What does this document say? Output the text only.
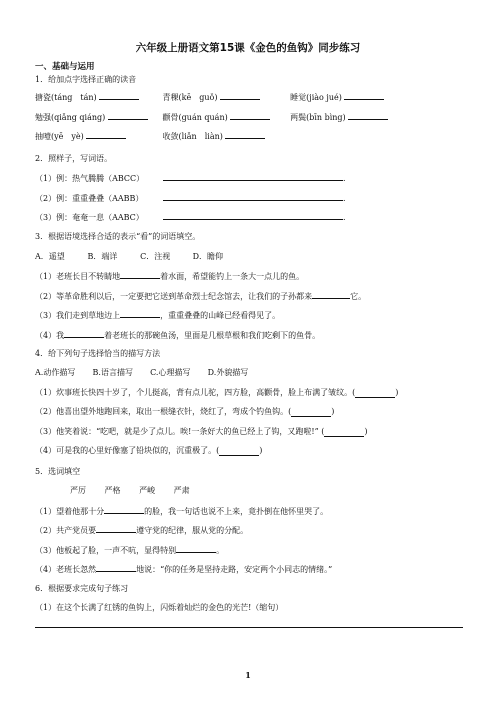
六年级上册语文第15课《金色的鱼钩》同步练习
一、基础与运用
1．给加点字选择正确的读音
搪瓷(táng　tán)	青稞(kē　guǒ)	睡觉(jiào jué)
勉强(qiǎng qiáng)	颧骨(guán quán)	两鬓(bīn bìng)
抽噎(yē　yè)	收敛(liǎn　liàn)
2．照样子，写词语。
（1）例：热气腾腾（ABCC）	.
（2）例：重重叠叠（AABB）	.
（3）例：奄奄一息（AABC）	.
3．根据语境选择合适的表示“看”的词语填空。
A．遥望	B．端详	C．注视	D．瞻仰
（1）老班长目不转睛地	着水面，希望能钓上一条大一点儿的鱼。
（2）等革命胜利以后，一定要把它送到革命烈士纪念馆去，让我们的子孙都来	它。
（3）我们走到草地边上	，重重叠叠的山峰已经看得见了。
（4）我	着老班长的那碗鱼汤，里面是几根草根和我们吃剩下的鱼骨。
4．给下列句子选择恰当的描写方法
A.动作描写 B.语言描写 C.心理描写 D.外貌描写
（1）炊事班长快四十岁了，个儿挺高，背有点儿驼，四方脸，高颧骨，脸上布满了皱纹。(	)
（2）他喜出望外地跑回来，取出一根缝衣针，烧红了，弯成个钓鱼钩。(	)
（3）他笑着说：“吃吧，就是少了点儿。唉!一条好大的鱼已经上了钩，又跑啦!” (	)
（4）可是我的心里好像塞了铅块似的，沉重极了。(	)
5．选词填空
严厉 严格 严峻 严肃
（1）望着他那十分	的脸，我一句话也说不上来，竟扑倒在他怀里哭了。
（2）共产党员要	遵守党的纪律，服从党的分配。
（3）他板起了脸，一声不吭，显得特别	。
（4）老班长忽然	地说：“你的任务是坚持走路，安定两个小同志的情绪。”
6．根据要求完成句子练习
（1）在这个长满了红锈的鱼钩上，闪烁着灿烂的金色的光芒!（缩句）
1
